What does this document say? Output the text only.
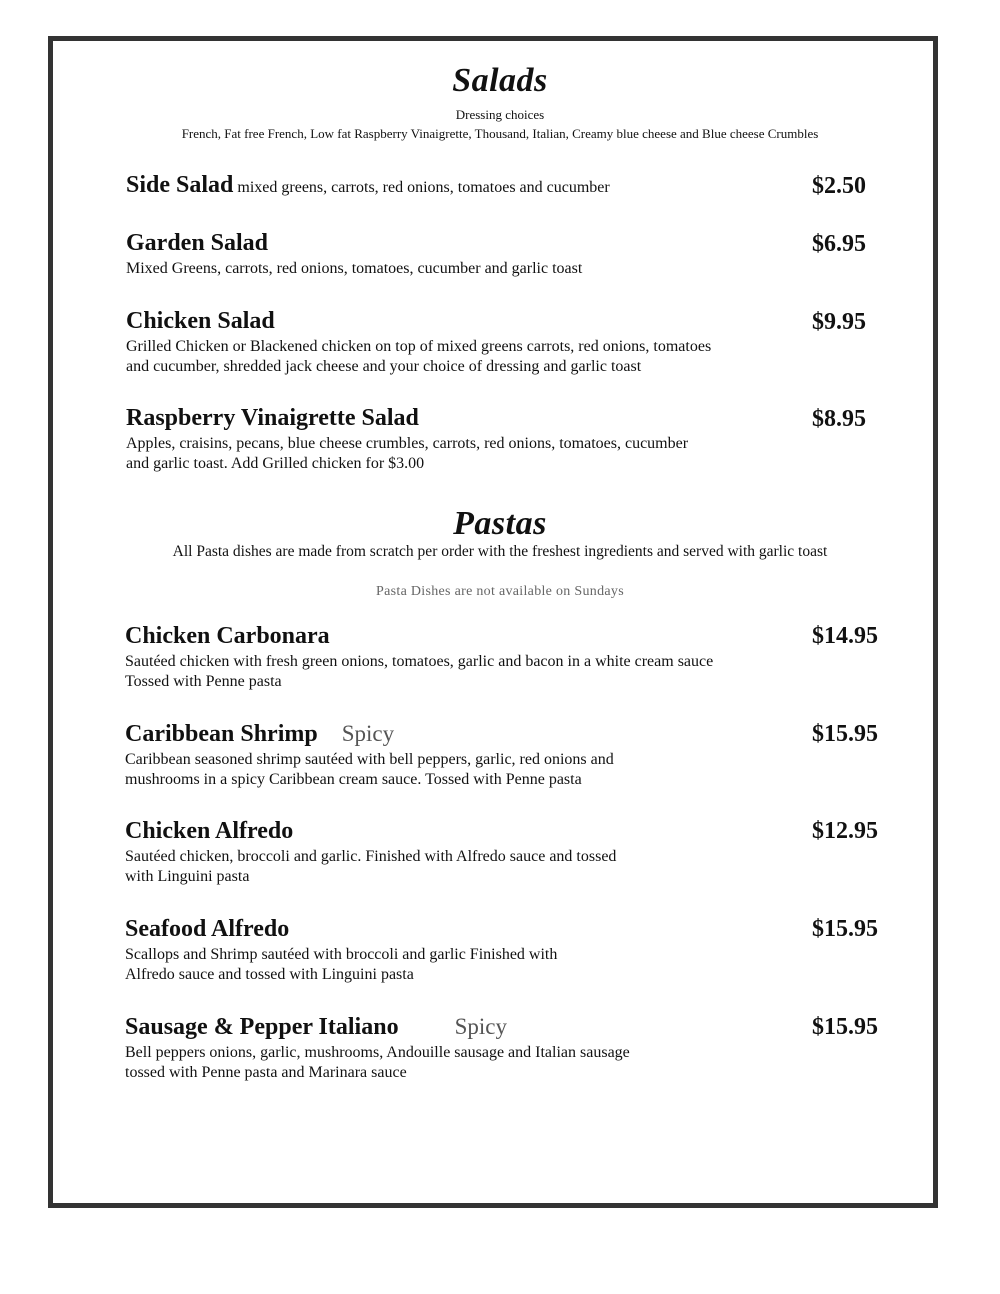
Salads
Dressing choices
French, Fat free French, Low fat Raspberry Vinaigrette, Thousand, Italian, Creamy blue cheese and Blue cheese Crumbles
Side Salad mixed greens, carrots, red onions, tomatoes and cucumber	$2.50
Garden Salad
Mixed Greens, carrots, red onions, tomatoes, cucumber and garlic toast
$6.95
Chicken Salad
Grilled Chicken or Blackened chicken on top of mixed greens carrots, red onions, tomatoes
and cucumber, shredded jack cheese and your choice of dressing and garlic toast
$9.95
Raspberry Vinaigrette Salad
Apples, craisins, pecans, blue cheese crumbles, carrots, red onions, tomatoes, cucumber
and garlic toast. Add Grilled chicken for $3.00
$8.95
Pastas
All Pasta dishes are made from scratch per order with the freshest ingredients and served with garlic toast
Pasta Dishes are not available on Sundays
Chicken Carbonara
Sautéed chicken with fresh green onions, tomatoes, garlic and bacon in a white cream sauce
Tossed with Penne pasta
$14.95
Caribbean Shrimp Spicy
Caribbean seasoned shrimp sautéed with bell peppers, garlic, red onions and
mushrooms in a spicy Caribbean cream sauce. Tossed with Penne pasta
$15.95
Chicken Alfredo
Sautéed chicken, broccoli and garlic. Finished with Alfredo sauce and tossed
with Linguini pasta
$12.95
Seafood Alfredo
Scallops and Shrimp sautéed with broccoli and garlic Finished with
Alfredo sauce and tossed with Linguini pasta
$15.95
Sausage & Pepper Italiano Spicy
Bell peppers onions, garlic, mushrooms, Andouille sausage and Italian sausage
tossed with Penne pasta and Marinara sauce
$15.95
